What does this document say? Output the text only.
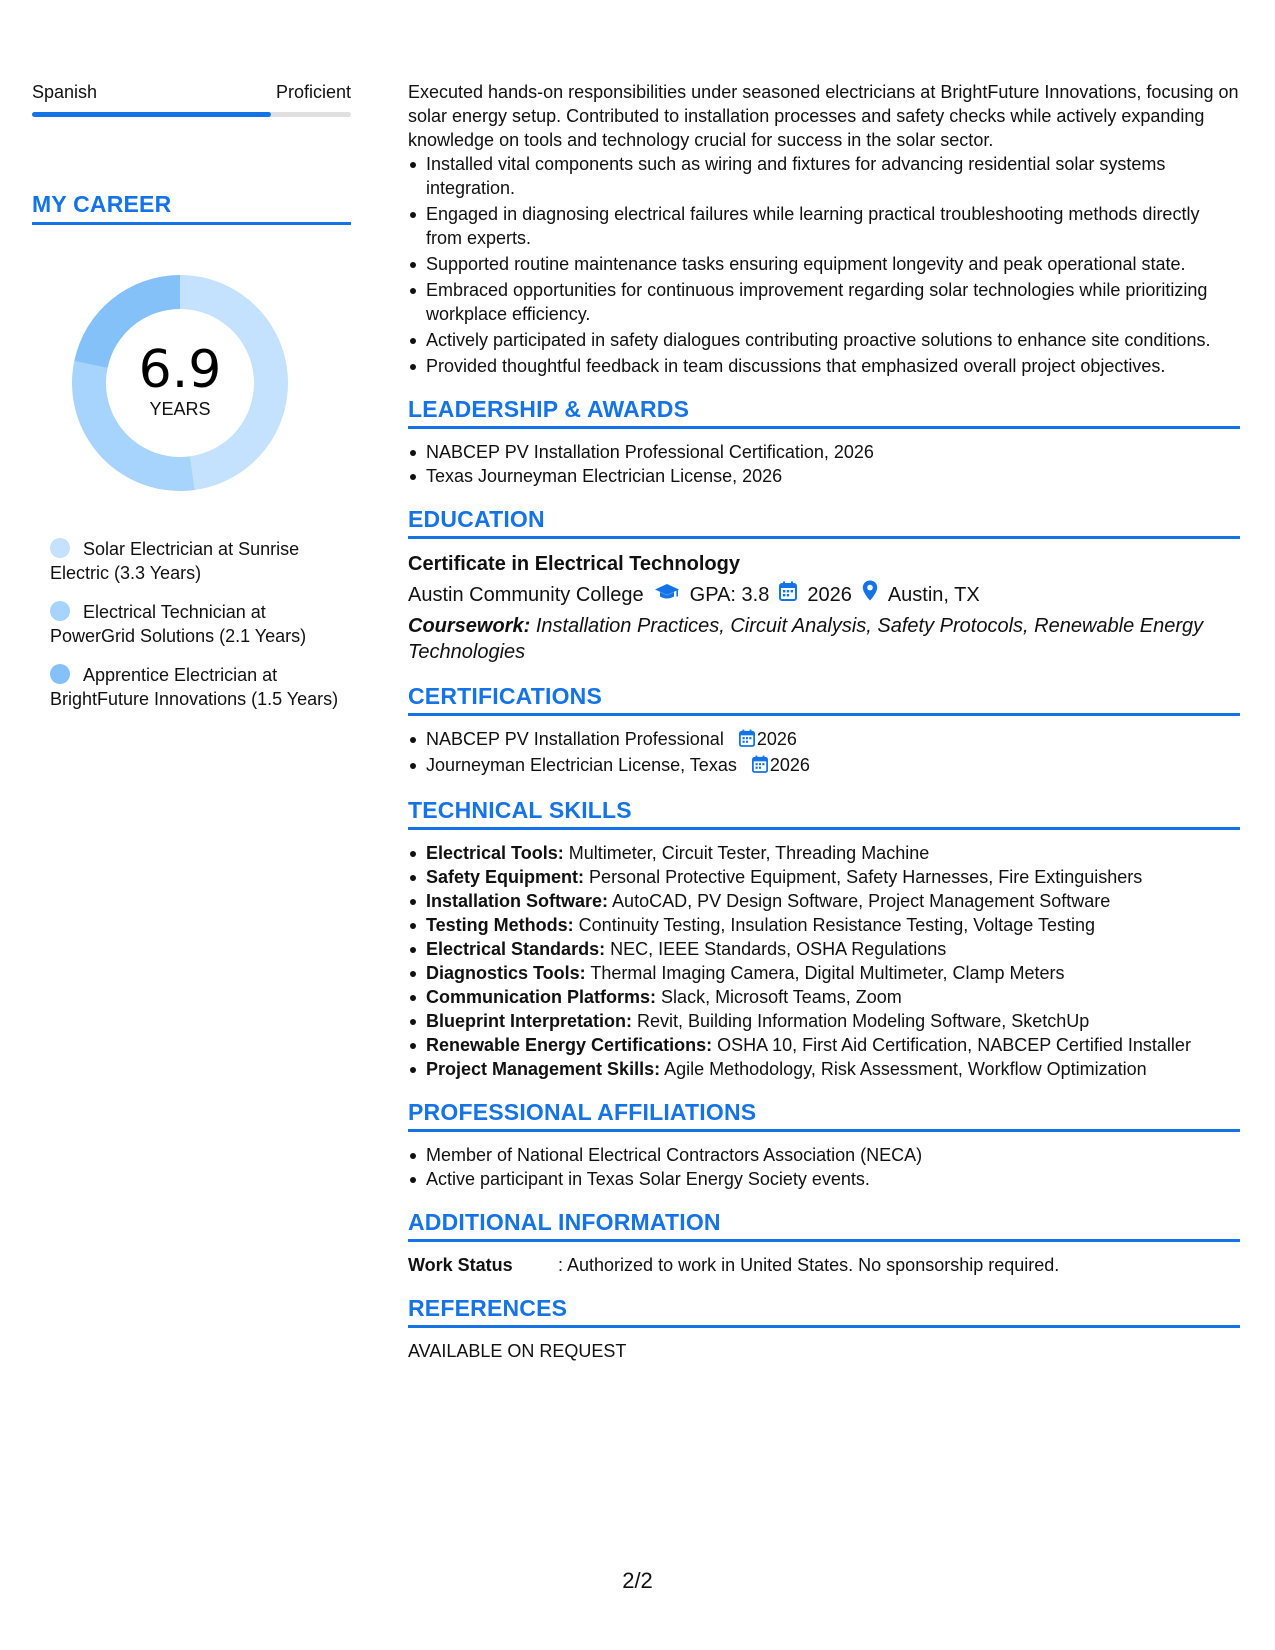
Spanish	Proficient
MY CAREER
6.9
YEARS
Solar Electrician at Sunrise Electric (3.3 Years)
Electrical Technician at PowerGrid Solutions (2.1 Years)
Apprentice Electrician at BrightFuture Innovations (1.5 Years)

Executed hands-on responsibilities under seasoned electricians at BrightFuture Innovations, focusing on solar energy setup. Contributed to installation processes and safety checks while actively expanding knowledge on tools and technology crucial for success in the solar sector.

Installed vital components such as wiring and fixtures for advancing residential solar systems integration.
Engaged in diagnosing electrical failures while learning practical troubleshooting methods directly from experts.
Supported routine maintenance tasks ensuring equipment longevity and peak operational state.
Embraced opportunities for continuous improvement regarding solar technologies while prioritizing workplace efficiency.
Actively participated in safety dialogues contributing proactive solutions to enhance site conditions.
Provided thoughtful feedback in team discussions that emphasized overall project objectives.
LEADERSHIP & AWARDS
NABCEP PV Installation Professional Certification, 2026
Texas Journeyman Electrician License, 2026
EDUCATION
Certificate in Electrical Technology
Austin Community College GPA: 3.8 2026 Austin, TX
Coursework: Installation Practices, Circuit Analysis, Safety Protocols, Renewable Energy Technologies
CERTIFICATIONS
NABCEP PV Installation Professional 2026
Journeyman Electrician License, Texas 2026
TECHNICAL SKILLS
Electrical Tools: Multimeter, Circuit Tester, Threading Machine
Safety Equipment: Personal Protective Equipment, Safety Harnesses, Fire Extinguishers
Installation Software: AutoCAD, PV Design Software, Project Management Software
Testing Methods: Continuity Testing, Insulation Resistance Testing, Voltage Testing
Electrical Standards: NEC, IEEE Standards, OSHA Regulations
Diagnostics Tools: Thermal Imaging Camera, Digital Multimeter, Clamp Meters
Communication Platforms: Slack, Microsoft Teams, Zoom
Blueprint Interpretation: Revit, Building Information Modeling Software, SketchUp
Renewable Energy Certifications: OSHA 10, First Aid Certification, NABCEP Certified Installer
Project Management Skills: Agile Methodology, Risk Assessment, Workflow Optimization
PROFESSIONAL AFFILIATIONS
Member of National Electrical Contractors Association (NECA)
Active participant in Texas Solar Energy Society events.
ADDITIONAL INFORMATION
Work Status	: Authorized to work in United States. No sponsorship required.
REFERENCES
AVAILABLE ON REQUEST
2/2
